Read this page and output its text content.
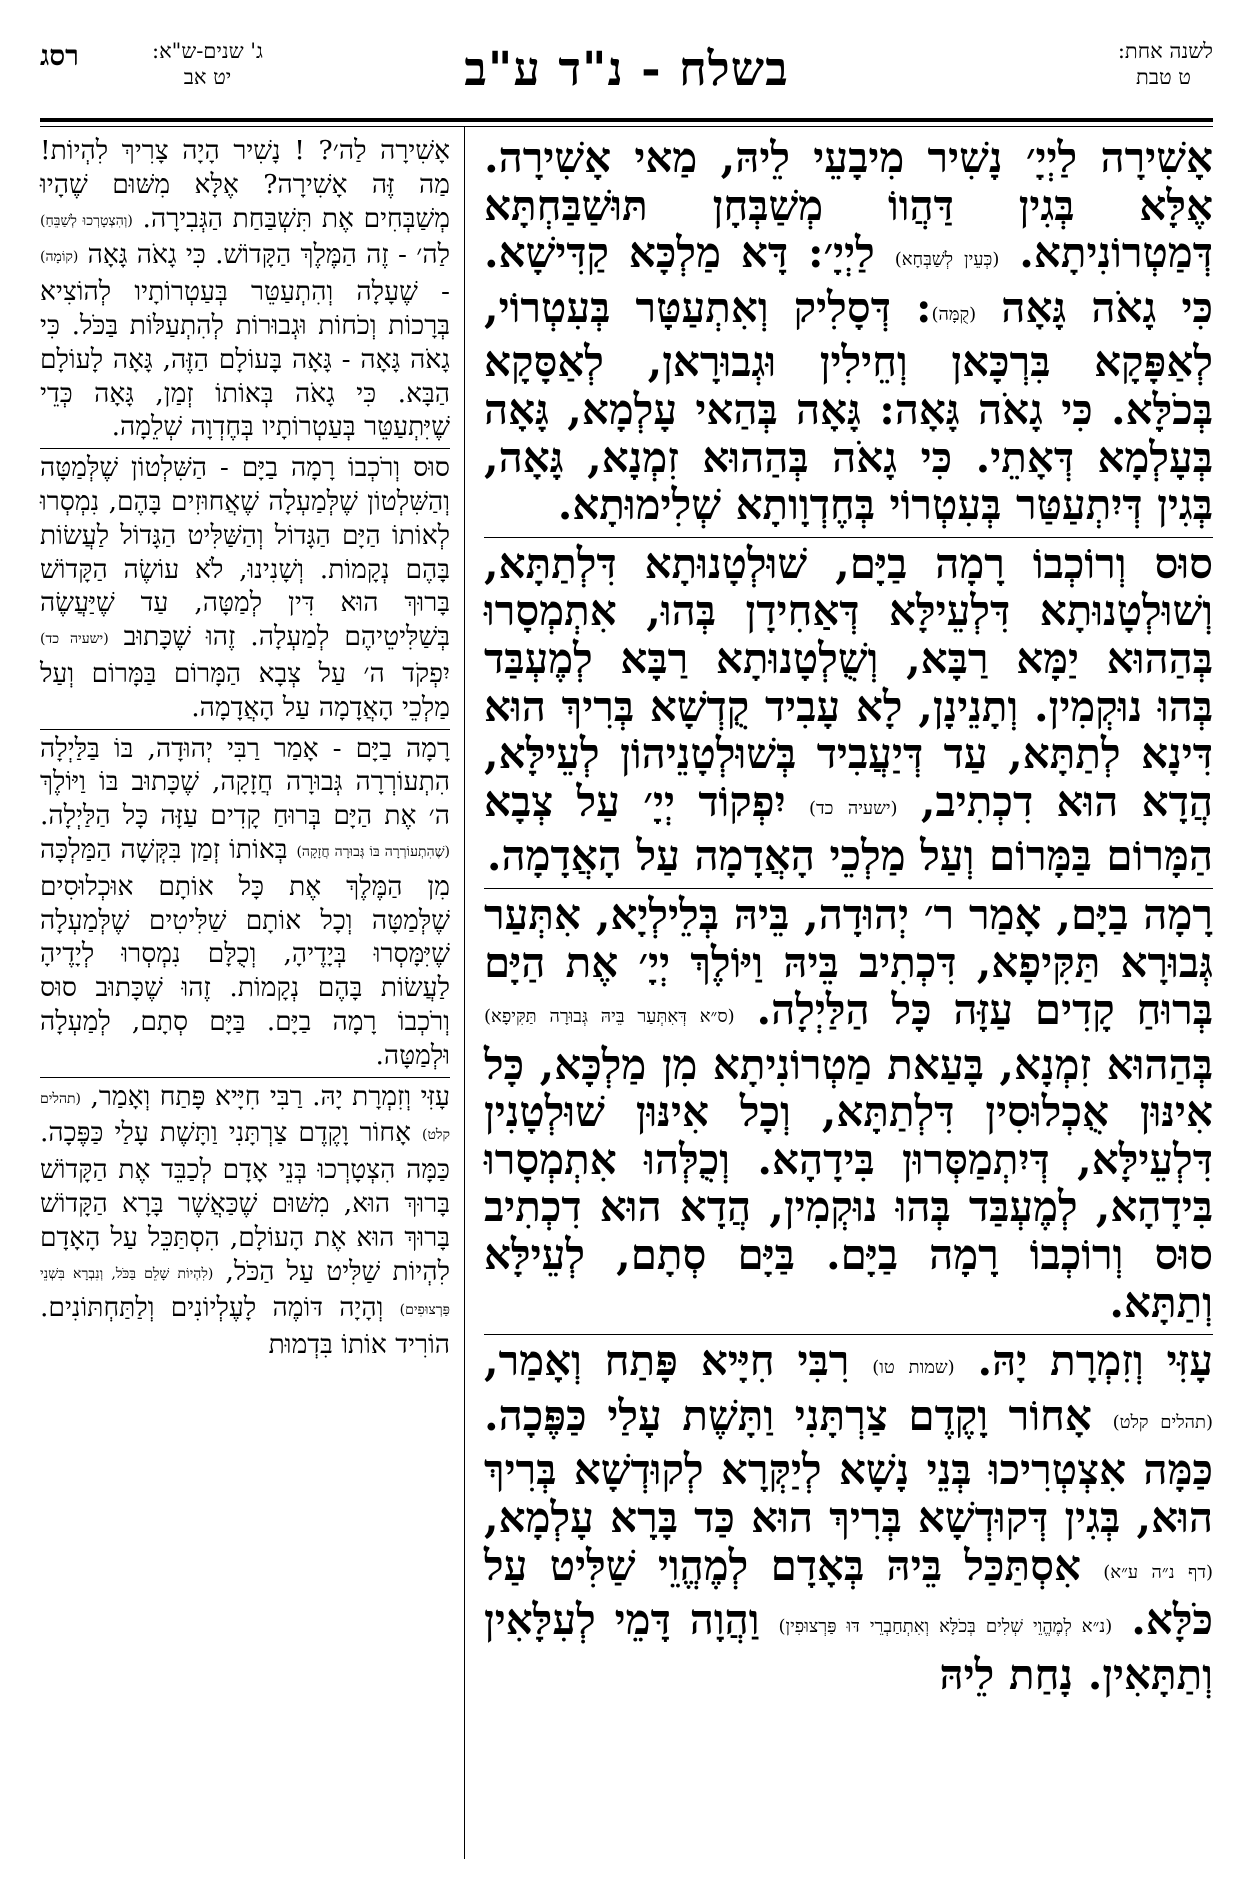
לשנה אחת:
ט טבת
בשלח - נ"ד ע"ב
ג' שנים-ש"א:
יט אב
רסג

אָשִׁירָה לַיְיָ׳ נָשִׁיר מִיבָעֵי לֵיהּ, מַאי אָשִׁירָה. אֶלָּא בְּגִין דַּהֲווֹ מְשַׁבְּחָן תּוּשַׁבַּחְתָּא דְּמַטְרוֹנִיתָא. (כְּעֵין לְשַׁבְּחָא) לַיְיָ׳: דָּא מַלְכָּא קַדִּישָׁא. כִּי גָאֹה גָּאָה (קֻמָּה): דְּסָלִיק וְאִתְעַטָּר בְּעִטְרוֹי, לְאַפָּקָא בִּרְכָּאן וְחֵילִין וּגְבוּרָאן, לְאַסָּקָא בְּכֹלָּא. כִּי גָאֹה גָּאָה: גָּאָה בְּהַאי עָלְמָא, גָּאָה בְּעָלְמָא דְּאָתֵי. כִּי גָאֹה בְּהַהוּא זִמְנָא, גָּאָה, בְּגִין דְּיִתְעַטַּר בְּעִטְרוֹי בְּחֶדְוָותָא שְׁלִימוּתָא.

סוּס וְרוֹכְבוֹ רָמָה בַיָּם, שׁוּלְטָנוּתָא דִּלְתַתָּא, וְשׁוּלְטָנוּתָא דִּלְעֵילָּא דְּאַחִידָן בְּהוּ, אִתְמְסָרוּ בְּהַהוּא יַמָּא רַבָּא, וְשֻׁלְטָנוּתָא רַבָּא לְמֶעְבַּד בְּהוּ נוּקְמִין. וְתָנֵינָן, לָא עָבִיד קֻדְשָׁא בְּרִיךְ הוּא דִּינָא לְתַתָּא, עַד דְּיַעֲבִיד בְּשׁוּלְטָנֵיהוֹן לְעֵילָּא, הֲדָא הוּא דִכְתִיב, (ישעיה כד) יִפְקוֹד יְיָ׳ עַל צְבָא הַמָּרוֹם בַּמָּרוֹם וְעַל מַלְכֵי הָאֲדָמָה עַל הָאֲדָמָה.

רָמָה בַיָּם, אָמַר ר׳ יְהוּדָה, בֵּיהּ בְּלֵילְיָא, אִתְּעַר גְּבוּרָא תַּקִּיפָא, דִּכְתִיב בֵּיהּ וַיּוֹלֶךְ יְיָ׳ אֶת הַיָּם בְּרוּחַ קָדִים עַזָּה כָּל הַלַּיְלָה. (ס״א דְּאִתְּעַר בֵּיהּ גְּבוּרָה תַּקִּיפָא) בְּהַהוּא זִמְנָא, בָּעַאת מַטְרוֹנִיתָא מִן מַלְכָּא, כָּל אִינּוּן אֻכְלוּסִין דִּלְתַתָּא, וְכָל אִינּוּן שׁוּלְטָנִין דִּלְעֵילָּא, דְּיִתְמַסְּרוּן בִּידָהָא. וְכֻלְּהוּ אִתְמְסָרוּ בִּידָהָא, לְמֶעְבַּד בְּהוּ נוּקְמִין, הֲדָא הוּא דִכְתִיב סוּס וְרוֹכְבוֹ רָמָה בַיָּם. בַּיָּם סְתָם, לְעֵילָּא וְתַתָּא.

עָזִּי וְזִמְרָת יָהּ. (שמות טו) רִבִּי חִיָּיא פָּתַח וְאָמַר, (תהלים קלט) אָחוֹר וָקֶדֶם צַרְתָּנִי וַתָּשֶׁת עָלַי כַּפֶּכָה. כַּמָּה אִצְטְרִיכוּ בְּנֵי נָשָׁא לְיַקְּרָא לְקוּדְשָׁא בְּרִיךְ הוּא, בְּגִין דְּקוּדְשָׁא בְּרִיךְ הוּא כַּד בָּרָא עָלְמָא, (דף נ״ה ע״א) אִסְתַּכַּל בֵּיהּ בְּאָדָם לְמֶהֱוֵי שַׁלִּיט עַל כֹּלָּא. (נ״א לְמֶהֱוֵי שְׁלִים בְּכֹלָּא וְאִתְחַבְרֵי דּוּ פַּרְצוּפִין) וַהֲוָה דָּמֵי לְעִלָּאִין וְתַתָּאִין. נָחַת לֵיהּ

אָשִׁירָה לַה׳? ! נָשִׁיר הָיָה צָרִיךְ לִהְיוֹת! מַה זֶּה אָשִׁירָה? אֶלָּא מִשּׁוּם שֶׁהָיוּ מְשַׁבְּחִים אֶת תִּשְׁבַּחַת הַגְּבִירָה. (וְהִצְטָרְכוּ לְשַׁבֵּחַ) לַה׳ - זֶה הַמֶּלֶךְ הַקָּדוֹשׁ. כִּי גָאֹה גָּאָה (קוֹמָה) - שֶׁעָלָה וְהִתְעַטֵּר בְּעַטְרוֹתָיו לְהוֹצִיא בְּרָכוֹת וְכֹחוֹת וּגְבוּרוֹת לְהִתְעַלּוֹת בַּכֹּל. כִּי גָאֹה גָּאָה - גָּאָה בָּעוֹלָם הַזֶּה, גָּאָה לָעוֹלָם הַבָּא. כִּי גָאֹה בְּאוֹתוֹ זְמַן, גָּאָה כְּדֵי שֶׁיִּתְעַטֵּר בְּעַטְרוֹתָיו בְּחֶדְוָה שְׁלֵמָה.

סוּס וְרֹכְבוֹ רָמָה בַיָּם - הַשִּׁלְטוֹן שֶׁלְּמַטָּה וְהַשִּׁלְטוֹן שֶׁלְּמַעְלָה שֶׁאֲחוּזִים בָּהֶם, נִמְסְרוּ לְאוֹתוֹ הַיָּם הַגָּדוֹל וְהַשַּׁלִּיט הַגָּדוֹל לַעֲשׂוֹת בָּהֶם נְקָמוֹת. וְשָׁנִינוּ, לֹא עוֹשֶׂה הַקָּדוֹשׁ בָּרוּךְ הוּא דִּין לְמַטָּה, עַד שֶׁיַּעֲשֶׂה בְּשַׁלִּיטֵיהֶם לְמַעְלָה. זֶהוּ שֶׁכָּתוּב (ישעיה כד) יִפְקֹד ה׳ עַל צְבָא הַמָּרוֹם בַּמָּרוֹם וְעַל מַלְכֵי הָאֲדָמָה עַל הָאֲדָמָה.

רָמָה בַיָּם - אָמַר רַבִּי יְהוּדָה, בּוֹ בַּלַּיְלָה הִתְעוֹרְרָה גְּבוּרָה חֲזָקָה, שֶׁכָּתוּב בּוֹ וַיּוֹלֶךְ ה׳ אֶת הַיָּם בְּרוּחַ קָדִים עַזָּה כָּל הַלַּיְלָה. (שֶׁהִתְעוֹרְרָה בּוֹ גְּבוּרָה חֲזָקָה) בְּאוֹתוֹ זְמַן בִּקְּשָׁה הַמַּלְכָּה מִן הַמֶּלֶךְ אֶת כָּל אוֹתָם אוּכְלוּסִים שֶׁלְּמַטָּה וְכָל אוֹתָם שַׁלִּיטִים שֶׁלְּמַעְלָה שֶׁיִּמָּסְרוּ בְּיָדֶיהָ, וְכֻלָּם נִמְסְרוּ לְיָדֶיהָ לַעֲשׂוֹת בָּהֶם נְקָמוֹת. זֶהוּ שֶׁכָּתוּב סוּס וְרֹכְבוֹ רָמָה בַיָּם. בַּיָּם סְתָם, לְמַעְלָה וּלְמַטָּה.

עָזִּי וְזִמְרָת יָהּ. רַבִּי חִיָּיא פָּתַח וְאָמַר, (תהלים קלט) אָחוֹר וָקֶדֶם צַרְתָּנִי וַתָּשֶׁת עָלַי כַּפֶּכָה. כַּמָּה הִצְטָרְכוּ בְּנֵי אָדָם לְכַבֵּד אֶת הַקָּדוֹשׁ בָּרוּךְ הוּא, מִשּׁוּם שֶׁכַּאֲשֶׁר בָּרָא הַקָּדוֹשׁ בָּרוּךְ הוּא אֶת הָעוֹלָם, הִסְתַּכֵּל עַל הָאָדָם לִהְיוֹת שַׁלִּיט עַל הַכֹּל, (לִהְיוֹת שָׁלֵם בַּכֹּל, וְנִבְרָא בִּשְׁנֵי פַּרְצוּפִים) וְהָיָה דּוֹמֶה לָעֶלְיוֹנִים וְלַתַּחְתּוֹנִים. הוֹרִיד אוֹתוֹ בִּדְמוּת
